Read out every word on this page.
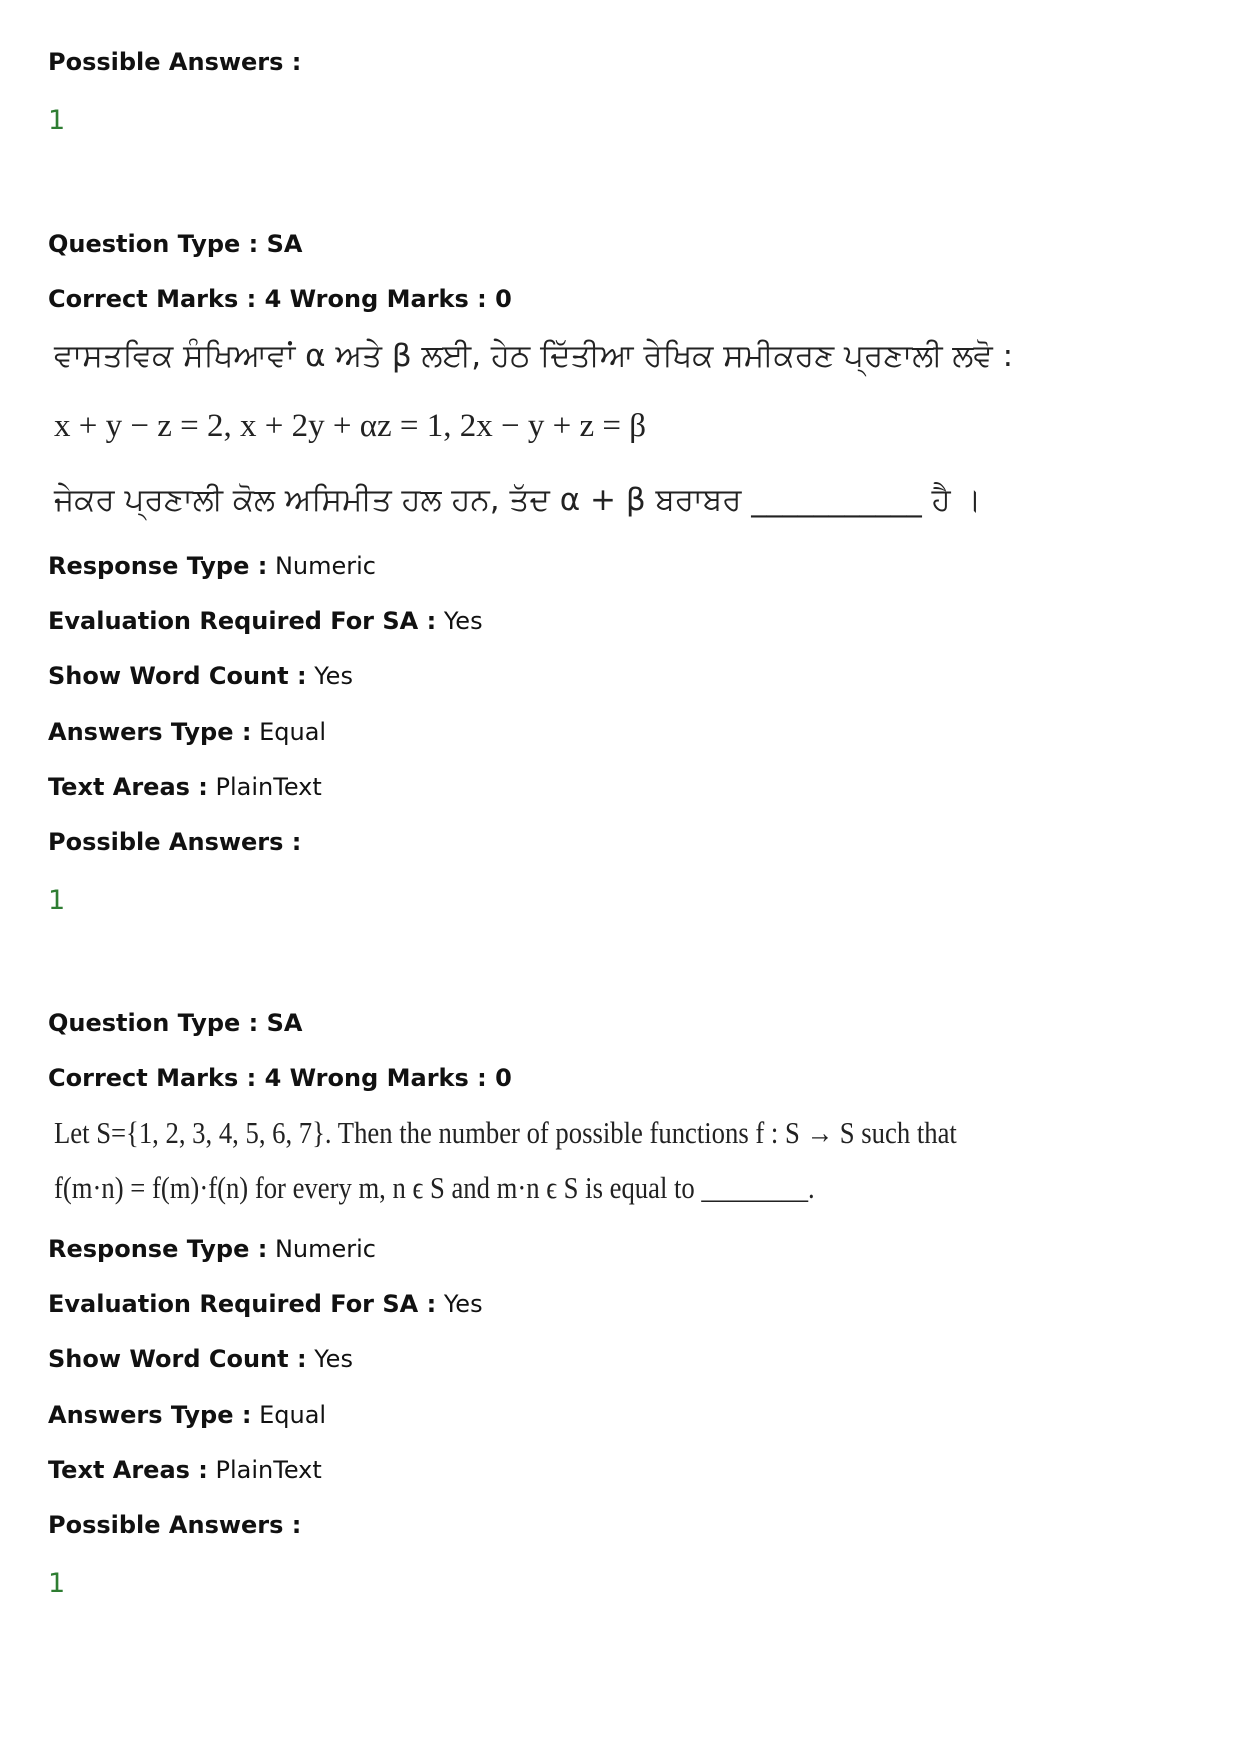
Possible Answers :
1
Question Type : SA
Correct Marks : 4 Wrong Marks : 0
ਵਾਸਤਵਿਕ ਸੰਖਿਆਵਾਂ α ਅਤੇ β ਲਈ, ਹੇਠ ਦਿੱਤੀਆ ਰੇਖਿਕ ਸਮੀਕਰਣ ਪ੍ਰਣਾਲੀ ਲਵੋ :
x + y − z = 2, x + 2y + αz = 1, 2x − y + z = β
ਜੇਕਰ ਪ੍ਰਣਾਲੀ ਕੋਲ ਅਸਿਮੀਤ ਹਲ ਹਨ, ਤੱਦ α + β ਬਰਾਬਰ ___________ ਹੈ ।
Response Type : Numeric
Evaluation Required For SA : Yes
Show Word Count : Yes
Answers Type : Equal
Text Areas : PlainText
Possible Answers :
1
Question Type : SA
Correct Marks : 4 Wrong Marks : 0
Let S={1, 2, 3, 4, 5, 6, 7}. Then the number of possible functions f : S → S such that
f(m·n) = f(m)·f(n) for every m, n ϵ S and m·n ϵ S is equal to ________.
Response Type : Numeric
Evaluation Required For SA : Yes
Show Word Count : Yes
Answers Type : Equal
Text Areas : PlainText
Possible Answers :
1
